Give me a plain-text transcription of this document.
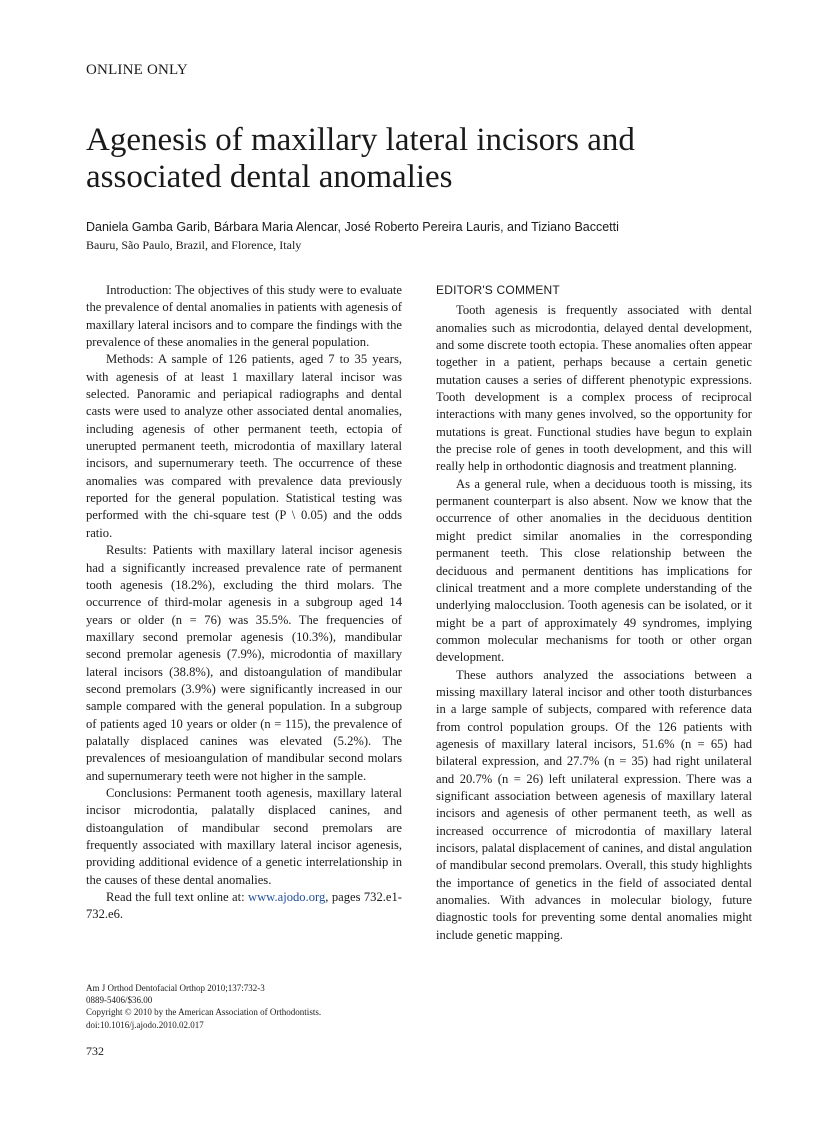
ONLINE ONLY
Agenesis of maxillary lateral incisors and
associated dental anomalies
Daniela Gamba Garib, Bárbara Maria Alencar, José Roberto Pereira Lauris, and Tiziano Baccetti
Bauru, São Paulo, Brazil, and Florence, Italy

Introduction: The objectives of this study were to evaluate the prevalence of dental anomalies in patients with agenesis of maxillary lateral incisors and to compare the findings with the prevalence of these anomalies in the general population.

Methods: A sample of 126 patients, aged 7 to 35 years, with agenesis of at least 1 maxillary lateral incisor was selected. Panoramic and periapical radiographs and dental casts were used to analyze other associated dental anomalies, including agenesis of other permanent teeth, ectopia of unerupted permanent teeth, microdontia of maxillary lateral incisors, and supernumerary teeth. The occurrence of these anomalies was compared with prevalence data previously reported for the general population. Statistical testing was performed with the chi-square test (P \ 0.05) and the odds ratio.

Results: Patients with maxillary lateral incisor agenesis had a significantly increased prevalence rate of permanent tooth agenesis (18.2%), excluding the third molars. The occurrence of third-molar agenesis in a subgroup aged 14 years or older (n = 76) was 35.5%. The frequencies of maxillary second premolar agenesis (10.3%), mandibular second premolar agenesis (7.9%), microdontia of maxillary lateral incisors (38.8%), and distoangulation of mandibular second premolars (3.9%) were significantly increased in our sample compared with the general population. In a subgroup of patients aged 10 years or older (n = 115), the prevalence of palatally displaced canines was elevated (5.2%). The prevalences of mesioangulation of mandibular second molars and supernumerary teeth were not higher in the sample.

Conclusions: Permanent tooth agenesis, maxillary lateral incisor microdontia, palatally displaced canines, and distoangulation of mandibular second premolars are frequently associated with maxillary lateral incisor agenesis, providing additional evidence of a genetic interrelationship in the causes of these dental anomalies.

Read the full text online at: www.ajodo.org, pages 732.e1-732.e6.

EDITOR'S COMMENT

Tooth agenesis is frequently associated with dental anomalies such as microdontia, delayed dental development, and some discrete tooth ectopia. These anomalies often appear together in a patient, perhaps because a certain genetic mutation causes a series of different phenotypic expressions. Tooth development is a complex process of reciprocal interactions with many genes involved, so the opportunity for mutations is great. Functional studies have begun to explain the precise role of genes in tooth development, and this will really help in orthodontic diagnosis and treatment planning.

As a general rule, when a deciduous tooth is missing, its permanent counterpart is also absent. Now we know that the occurrence of other anomalies in the deciduous dentition might predict similar anomalies in the corresponding permanent teeth. This close relationship between the deciduous and permanent dentitions has implications for clinical treatment and a more complete understanding of the underlying malocclusion. Tooth agenesis can be isolated, or it might be a part of approximately 49 syndromes, implying common molecular mechanisms for tooth or other organ development.

These authors analyzed the associations between a missing maxillary lateral incisor and other tooth disturbances in a large sample of subjects, compared with reference data from control population groups. Of the 126 patients with agenesis of maxillary lateral incisors, 51.6% (n = 65) had bilateral expression, and 27.7% (n = 35) had right unilateral and 20.7% (n = 26) left unilateral expression. There was a significant association between agenesis of maxillary lateral incisors and agenesis of other permanent teeth, as well as increased occurrence of microdontia of maxillary lateral incisors, palatal displacement of canines, and distal angulation of mandibular second premolars. Overall, this study highlights the importance of genetics in the field of associated dental anomalies. With advances in molecular biology, future diagnostic tools for preventing some dental anomalies might include genetic mapping.

Am J Orthod Dentofacial Orthop 2010;137:732-3
0889-5406/$36.00
Copyright © 2010 by the American Association of Orthodontists.
doi:10.1016/j.ajodo.2010.02.017
732
